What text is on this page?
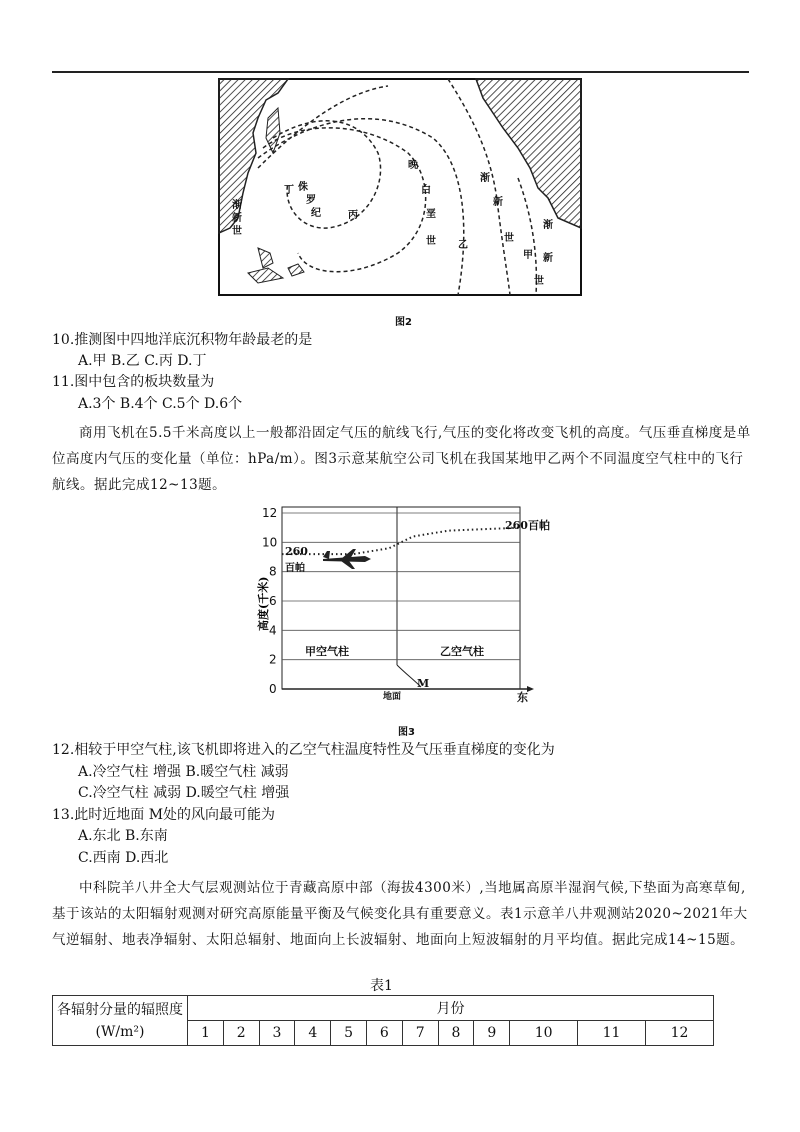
侏
罗
纪
丁
丙
渐
新
世
晚
白
垩
世 乙
渐
新
世
渐
新
世
甲
图2
10.推测图中四地洋底沉积物年龄最老的是
A.甲 B.乙 C.丙 D.丁
11.图中包含的板块数量为
A.3个 B.4个 C.5个 D.6个
商用飞机在5.5千米高度以上一般都沿固定气压的航线飞行,气压的变化将改变飞机的高度。气压垂直梯度是单位高度内气压的变化量（单位：hPa/m）。图3示意某航空公司飞机在我国某地甲乙两个不同温度空气柱中的飞行航线。据此完成12~13题。
0
2
4
6
8
10
12
260
百帕
260百帕
甲空气柱	乙空气柱
M
地面	东
高度(千米)
图3
12.相较于甲空气柱,该飞机即将进入的乙空气柱温度特性及气压垂直梯度的变化为
A.冷空气柱 增强 B.暖空气柱 减弱
C.冷空气柱 减弱 D.暖空气柱 增强
13.此时近地面 M处的风向最可能为
A.东北 B.东南
C.西南 D.西北
中科院羊八井全大气层观测站位于青藏高原中部（海拔4300米）,当地属高原半湿润气候,下垫面为高寒草甸,基于该站的太阳辐射观测对研究高原能量平衡及气候变化具有重要意义。表1示意羊八井观测站2020~2021年大气逆辐射、地表净辐射、太阳总辐射、地面向上长波辐射、地面向上短波辐射的月平均值。据此完成14~15题。
表1
各辐射分量的辐照度(W/m²)	月份											
	1	2	3	4	5	6	7	8	9	10	11	12
